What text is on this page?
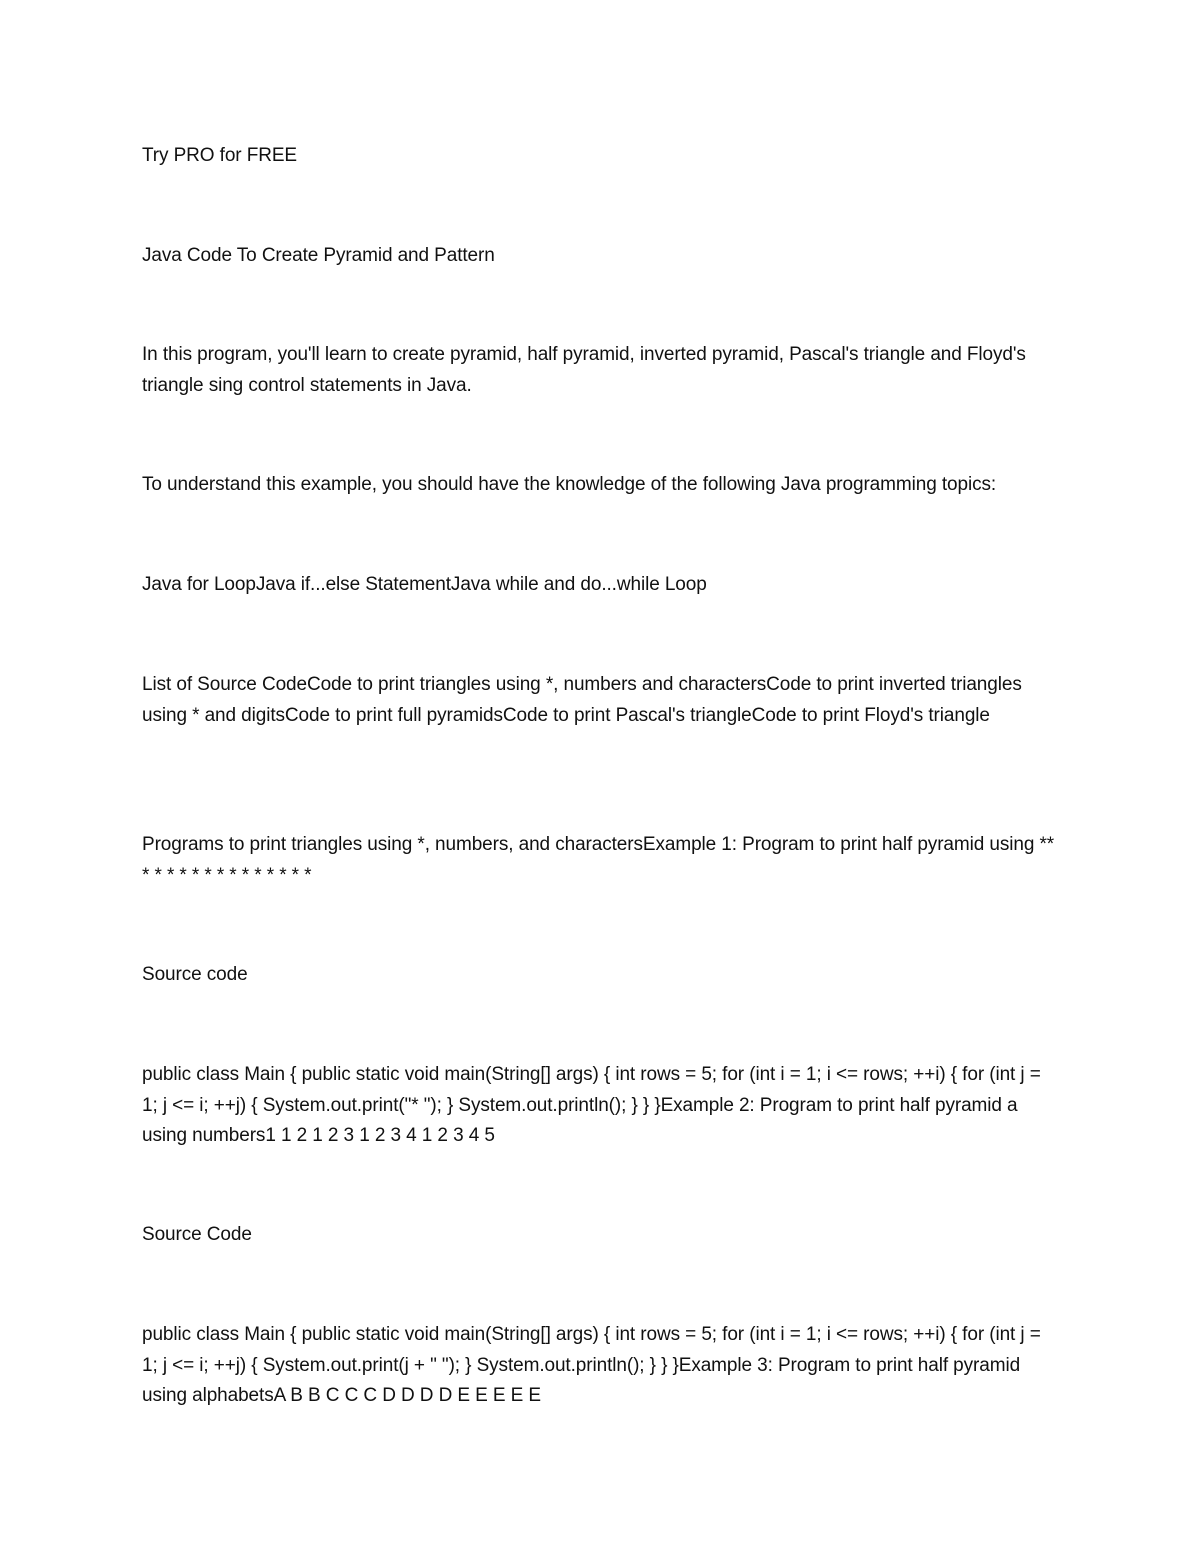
Try PRO for FREE

Java Code To Create Pyramid and Pattern

In this program, you'll learn to create pyramid, half pyramid, inverted pyramid, Pascal's triangle and Floyd's triangle sing control statements in Java.

To understand this example, you should have the knowledge of the following Java programming topics:

Java for LoopJava if...else StatementJava while and do...while Loop

List of Source CodeCode to print triangles using *, numbers and charactersCode to print inverted triangles using * and digitsCode to print full pyramidsCode to print Pascal's triangleCode to print Floyd's triangle

Programs to print triangles using *, numbers, and charactersExample 1: Program to print half pyramid using ** * * * * * * * * * * * * * *

Source code

public class Main { public static void main(String[] args) { int rows = 5; for (int i = 1; i <= rows; ++i) { for (int j = 1; j <= i; ++j) { System.out.print("* "); } System.out.println(); } } }Example 2: Program to print half pyramid a using numbers1 1 2 1 2 3 1 2 3 4 1 2 3 4 5

Source Code

public class Main { public static void main(String[] args) { int rows = 5; for (int i = 1; i <= rows; ++i) { for (int j = 1; j <= i; ++j) { System.out.print(j + " "); } System.out.println(); } } }Example 3: Program to print half pyramid using alphabetsA B B C C C D D D D E E E E E
